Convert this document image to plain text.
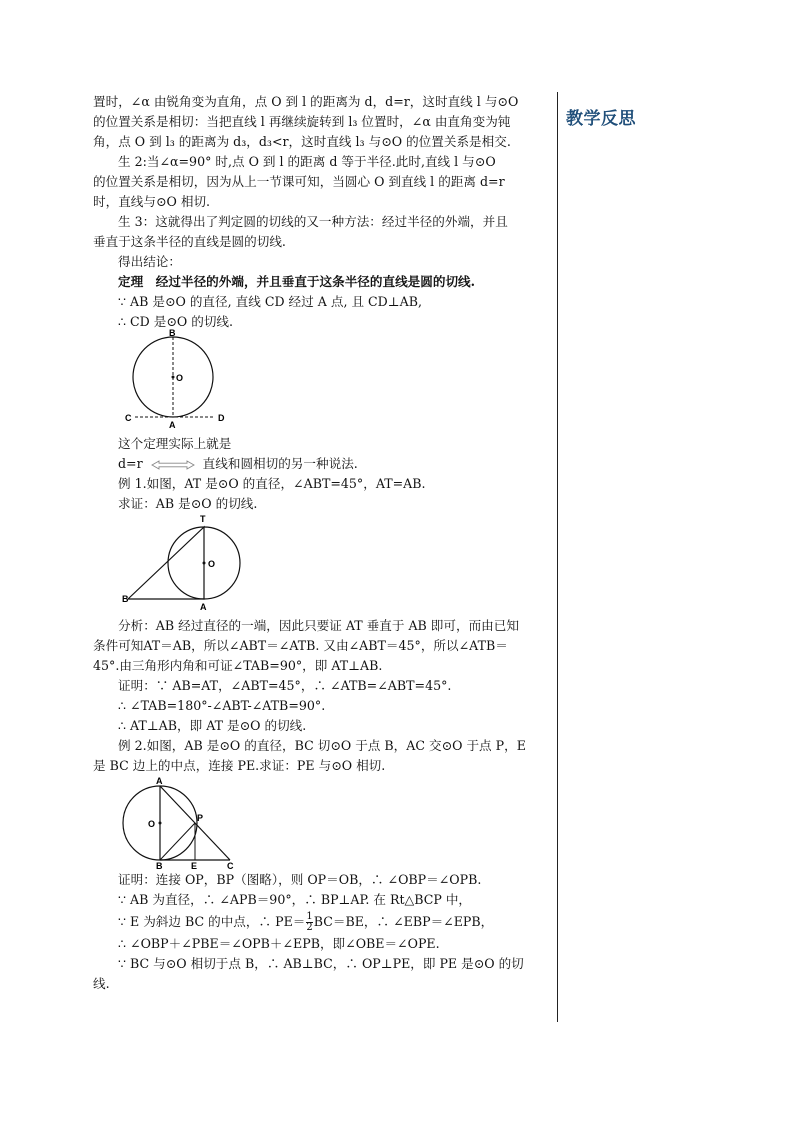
教学反思

置时，∠α 由锐角变为直角，点 O 到 l 的距离为 d，d=r，这时直线 l 与⊙O

的位置关系是相切：当把直线 l 再继续旋转到 l₃ 位置时，∠α 由直角变为钝

角，点 O 到 l₃ 的距离为 d₃，d₃<r，这时直线 l₃ 与⊙O 的位置关系是相交.

生 2:当∠α=90° 时,点 O 到 l 的距离 d 等于半径.此时,直线 l 与⊙O

的位置关系是相切，因为从上一节课可知，当圆心 O 到直线 l 的距离 d=r

时，直线与⊙O 相切.

生 3：这就得出了判定圆的切线的又一种方法：经过半径的外端，并且

垂直于这条半径的直线是圆的切线.

得出结论：

定理　经过半径的外端，并且垂直于这条半径的直线是圆的切线.

∵ AB 是⊙O 的直径, 直线 CD 经过 A 点, 且 CD⊥AB,

∴ CD 是⊙O 的切线.

B
O
C
A
D

这个定理实际上就是

d=r	直线和圆相切的另一种说法.

例 1.如图，AT 是⊙O 的直径，∠ABT=45°，AT=AB.

求证：AB 是⊙O 的切线.

T
O
B
A

分析：AB 经过直径的一端，因此只要证 AT 垂直于 AB 即可，而由已知

条件可知AT＝AB，所以∠ABT＝∠ATB. 又由∠ABT＝45°，所以∠ATB＝

45°.由三角形内角和可证∠TAB=90°，即 AT⊥AB.

证明：∵ AB=AT，∠ABT=45°，∴ ∠ATB=∠ABT=45°.

∴ ∠TAB=180°-∠ABT-∠ATB=90°.

∴ AT⊥AB，即 AT 是⊙O 的切线.

例 2.如图，AB 是⊙O 的直径，BC 切⊙O 于点 B，AC 交⊙O 于点 P，E

是 BC 边上的中点，连接 PE.求证：PE 与⊙O 相切.

A
O
P
B	E	C

证明：连接 OP，BP（图略），则 OP＝OB，∴ ∠OBP＝∠OPB.

∵ AB 为直径，∴ ∠APB＝90°，∴ BP⊥AP. 在 Rt△BCP 中，

∵ E 为斜边 BC 的中点，∴ $PE= \frac{1}{2} BC=BE$，∴ ∠EBP＝∠EPB，

∴ ∠OBP＋∠PBE＝∠OPB＋∠EPB，即∠OBE＝∠OPE.

∵ BC 与⊙O 相切于点 B，∴ AB⊥BC，∴ OP⊥PE，即 PE 是⊙O 的切

线.
